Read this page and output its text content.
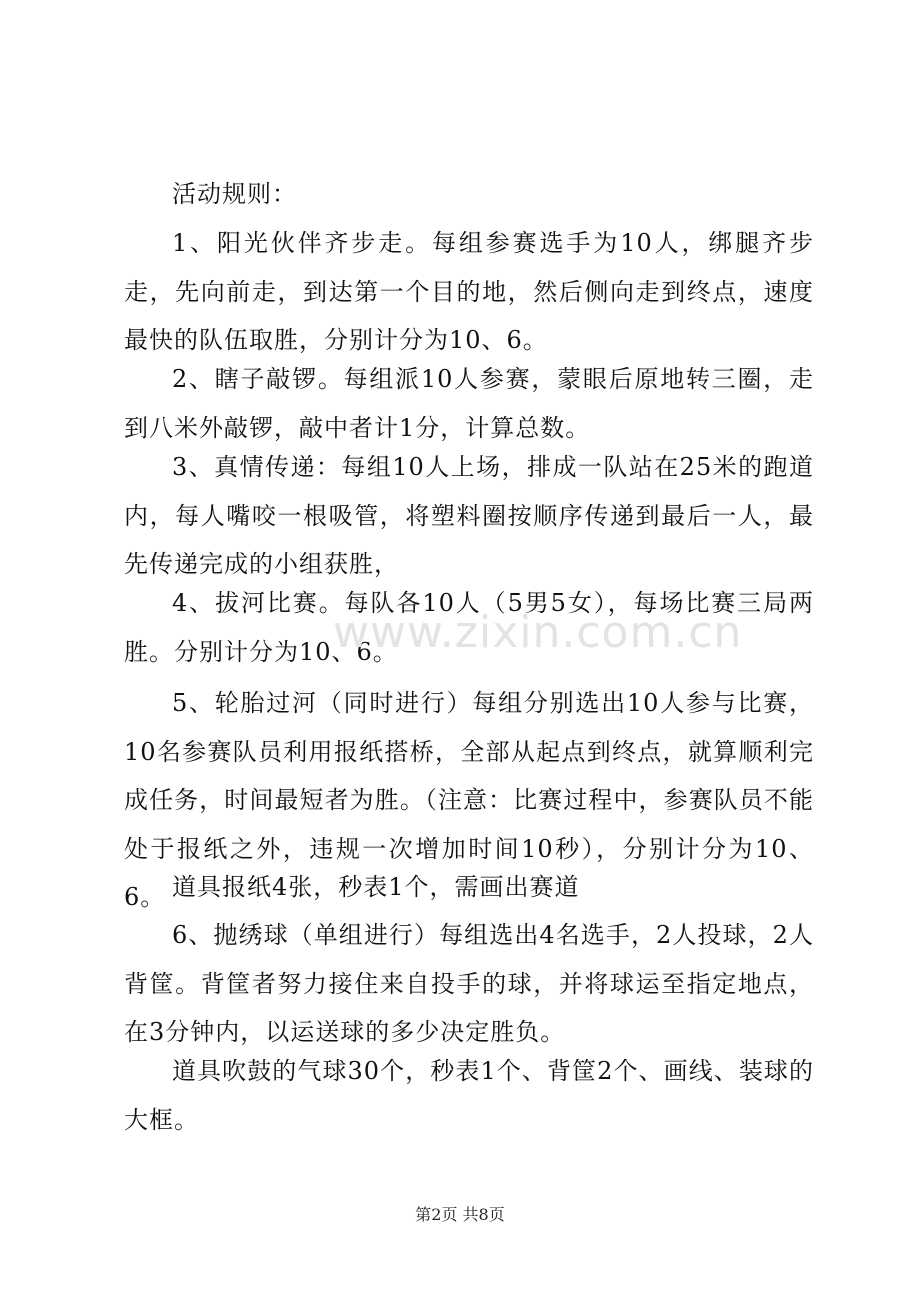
活动规则：

1、阳光伙伴齐步走。每组参赛选手为10人，绑腿齐步走，先向前走，到达第一个目的地，然后侧向走到终点，速度最快的队伍取胜，分别计分为10、6。

2、瞎子敲锣。每组派10人参赛，蒙眼后原地转三圈，走到八米外敲锣，敲中者计1分，计算总数。

3、真情传递：每组10人上场，排成一队站在25米的跑道内，每人嘴咬一根吸管，将塑料圈按顺序传递到最后一人，最先传递完成的小组获胜，

4、拔河比赛。每队各10人（5男5女），每场比赛三局两胜。分别计分为10、6。

5、轮胎过河（同时进行）每组分别选出10人参与比赛，10名参赛队员利用报纸搭桥，全部从起点到终点，就算顺利完成任务，时间最短者为胜。（注意：比赛过程中，参赛队员不能处于报纸之外，违规一次增加时间10秒），分别计分为10、6。 道具报纸4张，秒表1个，需画出赛道

6、抛绣球（单组进行）每组选出4名选手，2人投球，2人背筐。背筐者努力接住来自投手的球，并将球运至指定地点，在3分钟内，以运送球的多少决定胜负。

道具吹鼓的气球30个，秒表1个、背筐2个、画线、装球的大框。

www.zixin.com.cn
第2页 共8页
